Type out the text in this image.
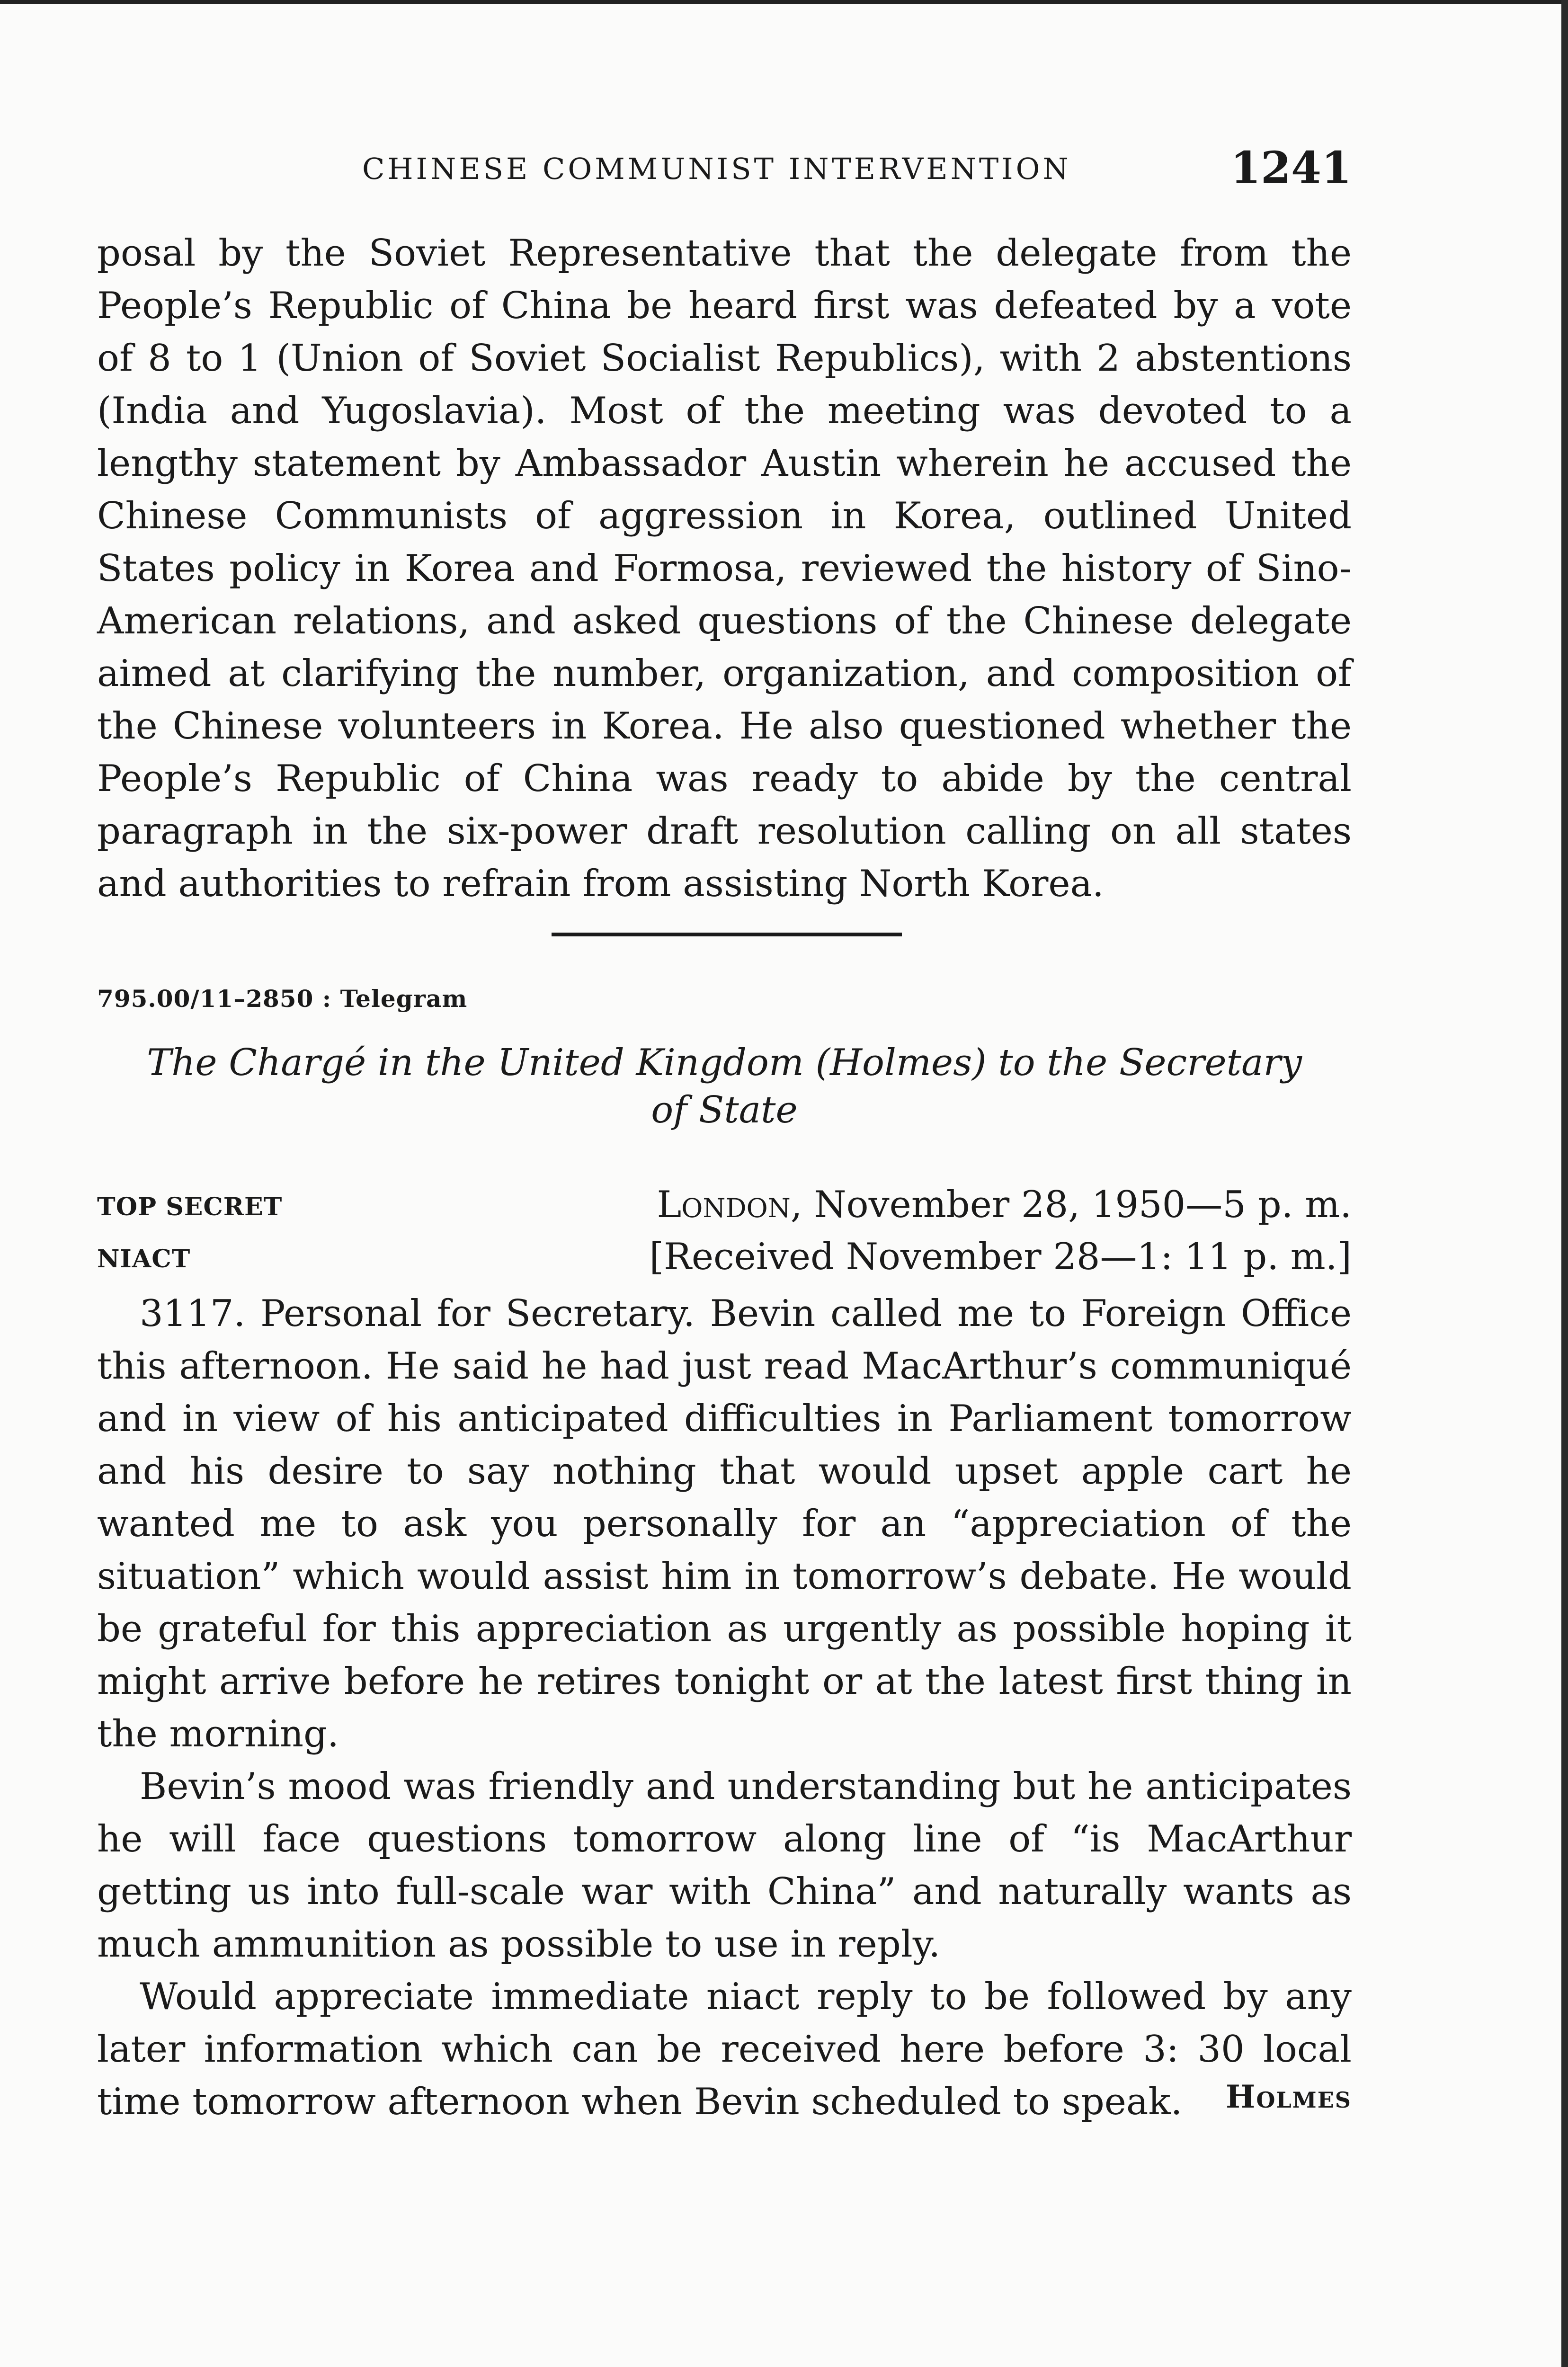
CHINESE COMMUNIST INTERVENTION	1241

posal by the Soviet Representative that the delegate from the People’s Republic of China be heard first was defeated by a vote of 8 to 1 (Union of Soviet Socialist Republics), with 2 abstentions (India and Yugoslavia). Most of the meeting was devoted to a lengthy statement by Ambassador Austin wherein he accused the Chinese Communists of aggression in Korea, outlined United States policy in Korea and Formosa, reviewed the history of Sino-American relations, and asked questions of the Chinese delegate aimed at clarifying the number, organization, and composition of the Chinese volunteers in Korea. He also questioned whether the People’s Republic of China was ready to abide by the central paragraph in the six-power draft resolution calling on all states and authorities to refrain from assisting North Korea.

795.00/11–2850 : Telegram
The Chargé in the United Kingdom (Holmes) to the Secretary
of State
TOP SECRET	London, November 28, 1950—5 p. m.
NIACT	[Received November 28—1: 11 p. m.]

3117. Personal for Secretary. Bevin called me to Foreign Office this afternoon. He said he had just read MacArthur’s communiqué and in view of his anticipated difficulties in Parliament tomorrow and his desire to say nothing that would upset apple cart he wanted me to ask you personally for an “appreciation of the situation” which would assist him in tomorrow’s debate. He would be grateful for this appreciation as urgently as possible hoping it might arrive before he retires tonight or at the latest first thing in the morning.

Bevin’s mood was friendly and understanding but he anticipates he will face questions tomorrow along line of “is MacArthur getting us into full-scale war with China” and naturally wants as much ammunition as possible to use in reply.

Would appreciate immediate niact reply to be followed by any later information which can be received here before 3: 30 local time tomorrow afternoon when Bevin scheduled to speak.	Holmes
